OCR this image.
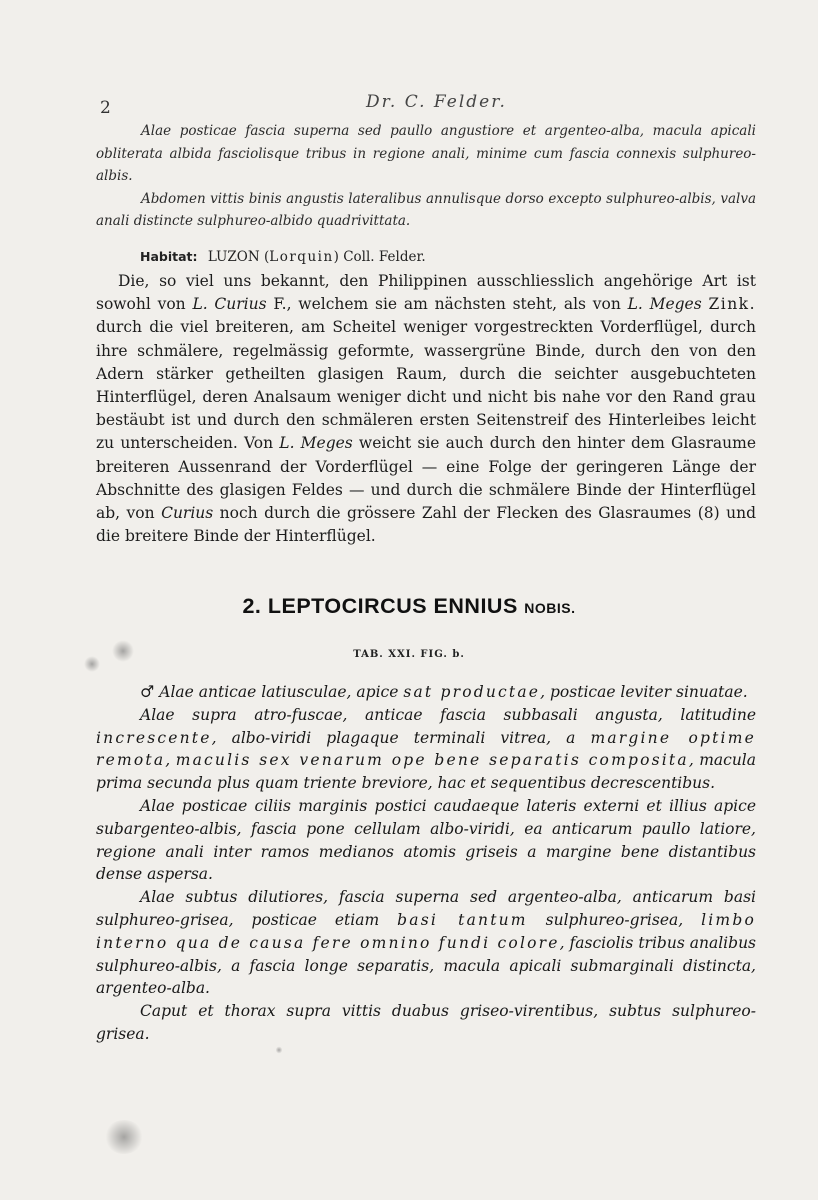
2	Dr. C. Felder.

Alae posticae fascia superna sed paullo angustiore et argenteo-alba, macula apicali obliterata albida fasciolisque tribus in regione anali, minime cum fascia connexis sulphureo-albis.

Abdomen vittis binis angustis lateralibus annulisque dorso excepto sulphureo-albis, valva anali distincte sulphureo-albido quadrivittata.

Habitat: LUZON (Lorquin) Coll. Felder.

Die, so viel uns bekannt, den Philippinen ausschliesslich angehörige Art ist sowohl von L. Curius F., welchem sie am nächsten steht, als von L. Meges Zink. durch die viel breiteren, am Scheitel weniger vorgestreckten Vorderflügel, durch ihre schmälere, regelmässig geformte, wassergrüne Binde, durch den von den Adern stärker getheilten glasigen Raum, durch die seichter ausgebuchteten Hinterflügel, deren Analsaum weniger dicht und nicht bis nahe vor den Rand grau bestäubt ist und durch den schmäleren ersten Seitenstreif des Hinterleibes leicht zu unterscheiden. Von L. Meges weicht sie auch durch den hinter dem Glasraume breiteren Aussenrand der Vorderflügel — eine Folge der geringeren Länge der Abschnitte des glasigen Feldes — und durch die schmälere Binde der Hinterflügel ab, von Curius noch durch die grössere Zahl der Flecken des Glasraumes (8) und die breitere Binde der Hinterflügel.

2. LEPTOCIRCUS ENNIUS NOBIS.
TAB. XXI. FIG. b.

♂ Alae anticae latiusculae, apice sat productae, posticae leviter sinuatae.

Alae supra atro-fuscae, anticae fascia subbasali angusta, latitudine increscente, albo-viridi plagaque terminali vitrea, a margine optime remota, maculis sex venarum ope bene separatis composita, macula prima secunda plus quam triente breviore, hac et sequentibus decrescentibus.

Alae posticae ciliis marginis postici caudaeque lateris externi et illius apice subargenteo-albis, fascia pone cellulam albo-viridi, ea anticarum paullo latiore, regione anali inter ramos medianos atomis griseis a margine bene distantibus dense aspersa.

Alae subtus dilutiores, fascia superna sed argenteo-alba, anticarum basi sulphureo-grisea, posticae etiam basi tantum sulphureo-grisea, limbo interno qua de causa fere omnino fundi colore, fasciolis tribus analibus sulphureo-albis, a fascia longe separatis, macula apicali submarginali distincta, argenteo-alba.

Caput et thorax supra vittis duabus griseo-virentibus, subtus sulphureo-grisea.
